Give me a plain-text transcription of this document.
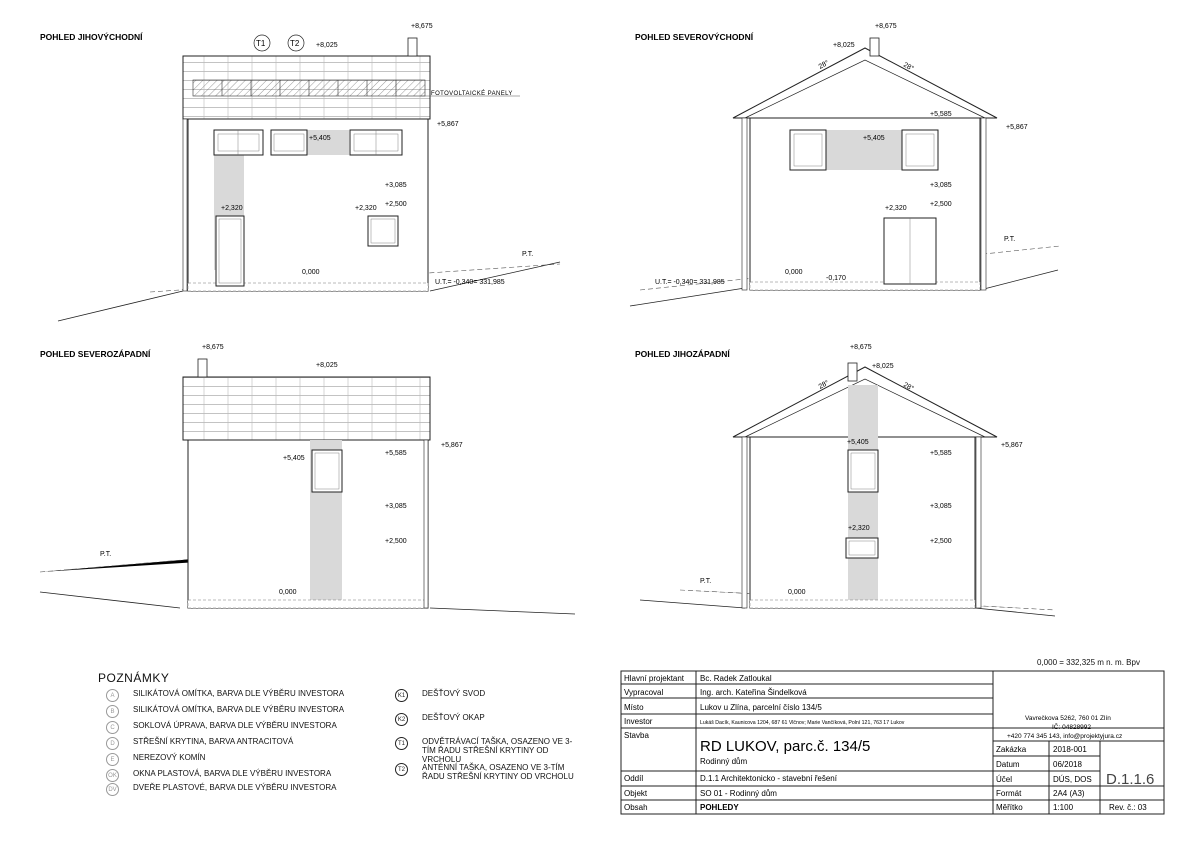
POHLED JIHOVÝCHODNÍ
+8,675
+8,025
+5,867
+5,405
+3,085
+2,500
+2,320
+2,320
0,000
U.T.= -0,340= 331,985
P.T.
FOTOVOLTAICKÉ PANELY
T1	T2
POHLED SEVEROVÝCHODNÍ
+8,675
+8,025
28°	28°
+5,585
+5,867
+5,405
+3,085
+2,500
+2,320
0,000
-0,170
U.T.= -0,340= 331,985
P.T.
POHLED SEVEROZÁPADNÍ
+8,675
+8,025
+5,867
+5,585
+5,405
+3,085
+2,500
0,000
P.T.
POHLED JIHOZÁPADNÍ
+8,675
+8,025
28°	28°
+5,405
+5,585
+5,867
+3,085
+2,320
+2,500
0,000
P.T.
Hlavní projektant Bc. Radek Zatloukal
Vypracoval	Ing. arch. Kateřina Šindelková
Místo	Lukov u Zlína, parcelní číslo 134/5
Investor	Lukáš Dacík, Kaunicova 1204, 687 61 Vlčnov; Marie Vančíková, Polní 121, 763 17 Lukov
Stavba
RD LUKOV, parc.č. 134/5
Rodinný dům
Oddíl	D.1.1 Architektonicko - stavební řešení
Objekt	SO 01 - Rodinný dům
Obsah	POHLEDY
Vavrečkova 5262, 760 01 Zlín
IČ: 04828992
+420 774 345 143, info@projektyjura.cz
Zakázka	2018-001
Datum	06/2018
Účel	DÚS, DOS
Formát	2A4 (A3)
Měřítko	1:100
D.1.1.6
Rev. č.: 03
0,000 = 332,325 m n. m. Bpv
POZNÁMKY
A	SILIKÁTOVÁ OMÍTKA, BARVA DLE VÝBĚRU INVESTORA
B	SILIKÁTOVÁ OMÍTKA, BARVA DLE VÝBĚRU INVESTORA
C	SOKLOVÁ ÚPRAVA, BARVA DLE VÝBĚRU INVESTORA
D	STŘEŠNÍ KRYTINA, BARVA ANTRACITOVÁ
E	NEREZOVÝ KOMÍN
OK OKNA PLASTOVÁ, BARVA DLE VÝBĚRU INVESTORA
DV DVEŘE PLASTOVÉ, BARVA DLE VÝBĚRU INVESTORA
K1	DEŠŤOVÝ SVOD
K2	DEŠŤOVÝ OKAP
T1	ODVĚTRÁVACÍ TAŠKA, OSAZENO VE 3-TÍM ŘADU STŘEŠNÍ KRYTINY OD VRCHOLU
T2	ANTÉNNÍ TAŠKA, OSAZENO VE 3-TÍM ŘADU STŘEŠNÍ KRYTINY OD VRCHOLU
